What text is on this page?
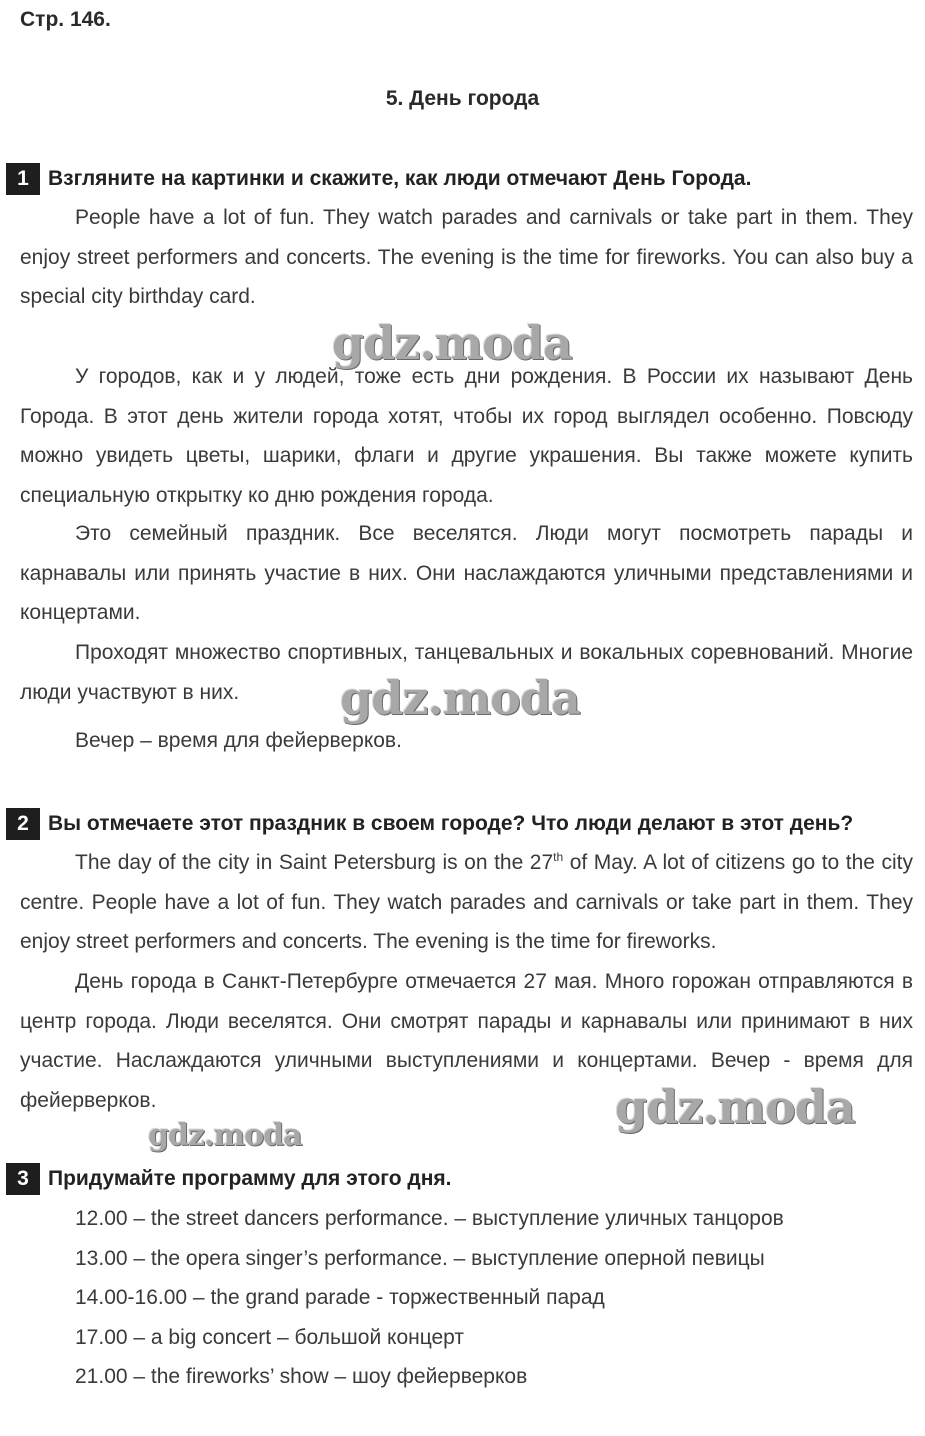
Стр. 146.
5. День города
1 Взгляните на картинки и скажите, как люди отмечают День Города.

People have a lot of fun. They watch parades and carnivals or take part in them. They enjoy street performers and concerts. The evening is the time for fireworks. You can also buy a special city birthday card.

У городов, как и у людей, тоже есть дни рождения. В России их называют День Города. В этот день жители города хотят, чтобы их город выглядел особенно. Повсюду можно увидеть цветы, шарики, флаги и другие украшения. Вы также можете купить специальную открытку ко дню рождения города.

Это семейный праздник. Все веселятся. Люди могут посмотреть парады и карнавалы или принять участие в них. Они наслаждаются уличными представлениями и концертами.

Проходят множество спортивных, танцевальных и вокальных соревнований. Многие люди участвуют в них.

Вечер – время для фейерверков.

2 Вы отмечаете этот праздник в своем городе? Что люди делают в этот день?

The day of the city in Saint Petersburg is on the 27th of May. A lot of citizens go to the city centre. People have a lot of fun. They watch parades and carnivals or take part in them. They enjoy street performers and concerts. The evening is the time for fireworks.

День города в Санкт-Петербурге отмечается 27 мая. Много горожан отправляются в центр города. Люди веселятся. Они смотрят парады и карнавалы или принимают в них участие. Наслаждаются уличными выступлениями и концертами. Вечер - время для фейерверков.

3 Придумайте программу для этого дня.
12.00 – the street dancers performance. – выступление уличных танцоров
13.00 – the opera singer’s performance. – выступление оперной певицы
14.00-16.00 – the grand parade - торжественный парад
17.00 – a big concert – большой концерт
21.00 – the fireworks’ show – шоу фейерверков
gdz.moda
gdz.moda
gdz.moda
gdz.moda
